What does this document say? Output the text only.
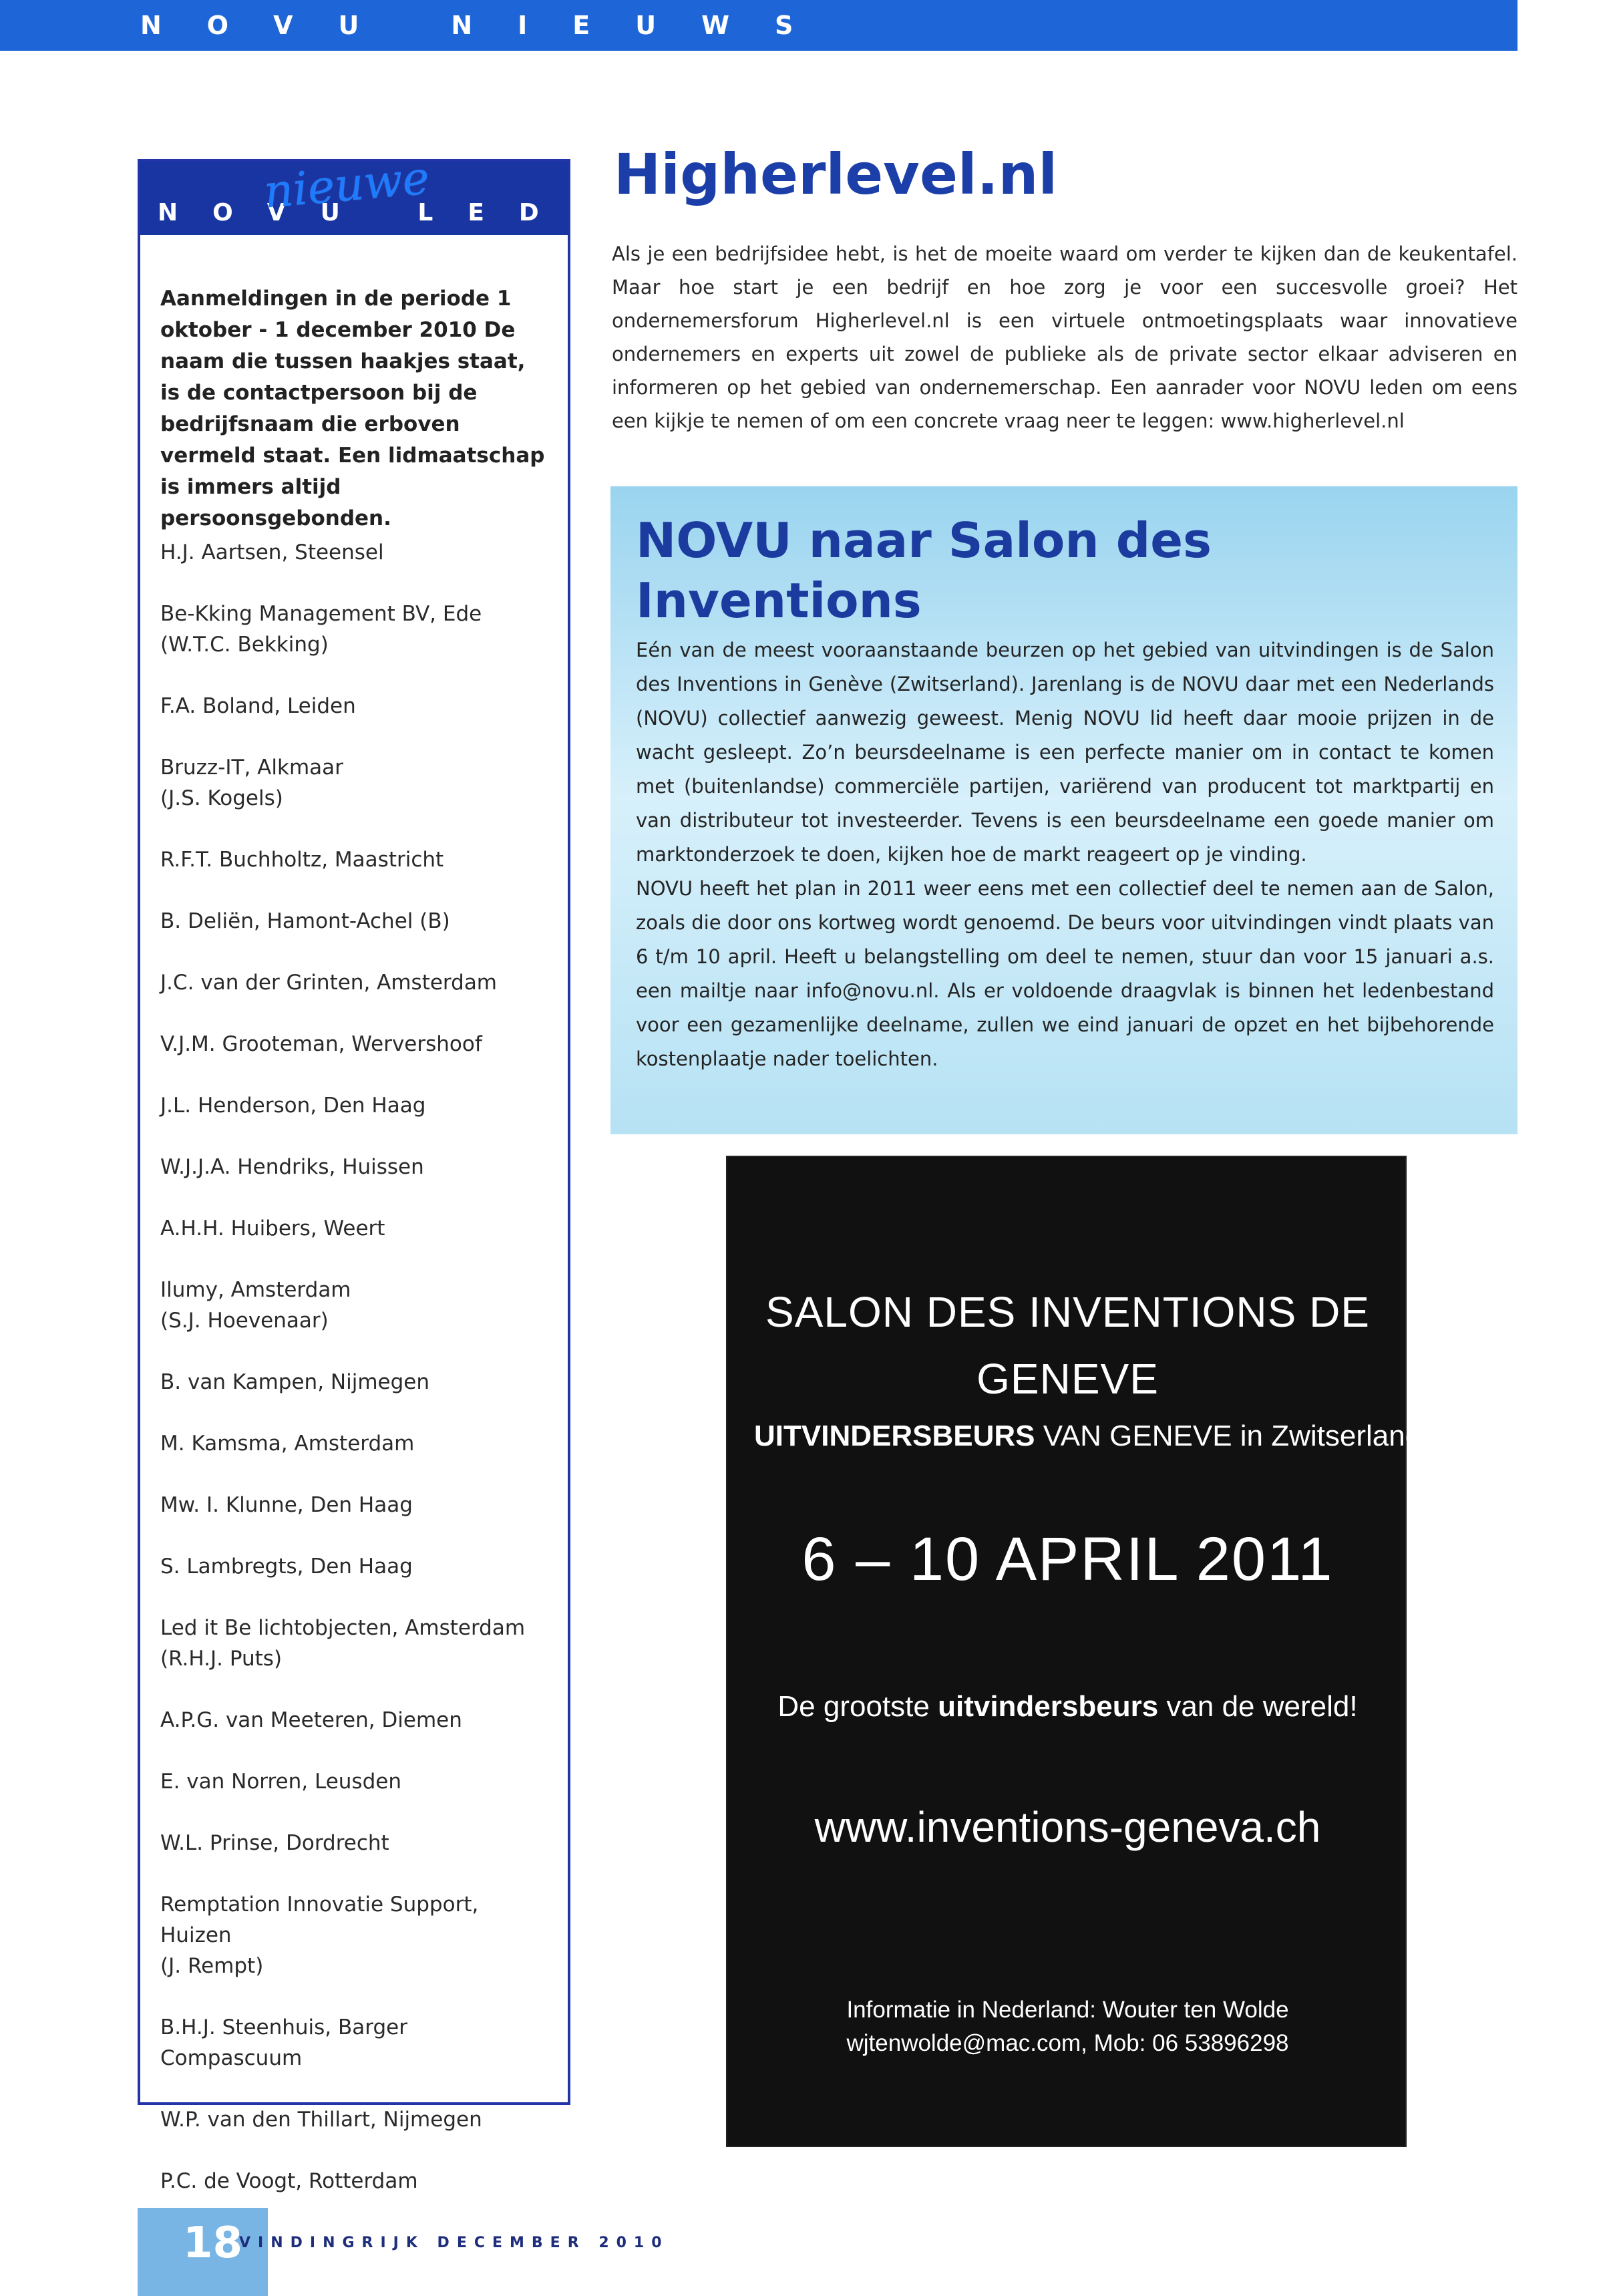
NOVU NIEUWS
NOVU LEDEN
nieuwe
Aanmeldingen in de periode 1 oktober - 1 december 2010 De naam die tussen haakjes staat, is de contactpersoon bij de bedrijfsnaam die erboven vermeld staat. Een lidmaatschap is immers altijd persoonsgebonden.
H.J. Aartsen, Steensel
Be-Kking Management BV, Ede
(W.T.C. Bekking)
F.A. Boland, Leiden
Bruzz-IT, Alkmaar
(J.S. Kogels)
R.F.T. Buchholtz, Maastricht
B. Deliën, Hamont-Achel (B)
J.C. van der Grinten, Amsterdam
V.J.M. Grooteman, Wervershoof
J.L. Henderson, Den Haag
W.J.J.A. Hendriks, Huissen
A.H.H. Huibers, Weert
Ilumy, Amsterdam
(S.J. Hoevenaar)
B. van Kampen, Nijmegen
M. Kamsma, Amsterdam
Mw. I. Klunne, Den Haag
S. Lambregts, Den Haag
Led it Be lichtobjecten, Amsterdam
(R.H.J. Puts)
A.P.G. van Meeteren, Diemen
E. van Norren, Leusden
W.L. Prinse, Dordrecht
Remptation Innovatie Support, Huizen
(J. Rempt)
B.H.J. Steenhuis, Barger Compascuum
W.P. van den Thillart, Nijmegen
P.C. de Voogt, Rotterdam
Higherlevel.nl
Als je een bedrijfsidee hebt, is het de moeite waard om verder te kijken dan de keukentafel. Maar hoe start je een bedrijf en hoe zorg je voor een succesvolle groei? Het ondernemersforum Higherlevel.nl is een virtuele ontmoetingsplaats waar innovatieve ondernemers en experts uit zowel de publieke als de private sector elkaar adviseren en informeren op het gebied van ondernemerschap. Een aanrader voor NOVU leden om eens een kijkje te nemen of om een concrete vraag neer te leggen: www.higherlevel.nl
NOVU naar Salon des Inventions

Eén van de meest vooraanstaande beurzen op het gebied van uitvindingen is de Salon des Inventions in Genève (Zwitserland). Jarenlang is de NOVU daar met een Nederlands (NOVU) collectief aanwezig geweest. Menig NOVU lid heeft daar mooie prijzen in de wacht gesleept. Zo’n beursdeelname is een perfecte manier om in contact te komen met (buitenlandse) commerciële partijen, variërend van producent tot marktpartij en van distributeur tot investeerder. Tevens is een beursdeelname een goede manier om marktonderzoek te doen, kijken hoe de markt reageert op je vinding.

NOVU heeft het plan in 2011 weer eens met een collectief deel te nemen aan de Salon, zoals die door ons kortweg wordt genoemd. De beurs voor uitvindingen vindt plaats van 6 t/m 10 april. Heeft u belangstelling om deel te nemen, stuur dan voor 15 januari a.s. een mailtje naar info@novu.nl. Als er voldoende draagvlak is binnen het ledenbestand voor een gezamenlijke deelname, zullen we eind januari de opzet en het bijbehorende kostenplaatje nader toelichten.

SALON DES INVENTIONS DE GENEVE
UITVINDERSBEURS VAN GENEVE in Zwitserland
6 – 10 APRIL 2011
De grootste uitvindersbeurs van de wereld!
www.inventions-geneva.ch
Informatie in Nederland: Wouter ten Wolde
wjtenwolde@mac.com, Mob: 06 53896298
18
VINDINGRIJK DECEMBER 2010
